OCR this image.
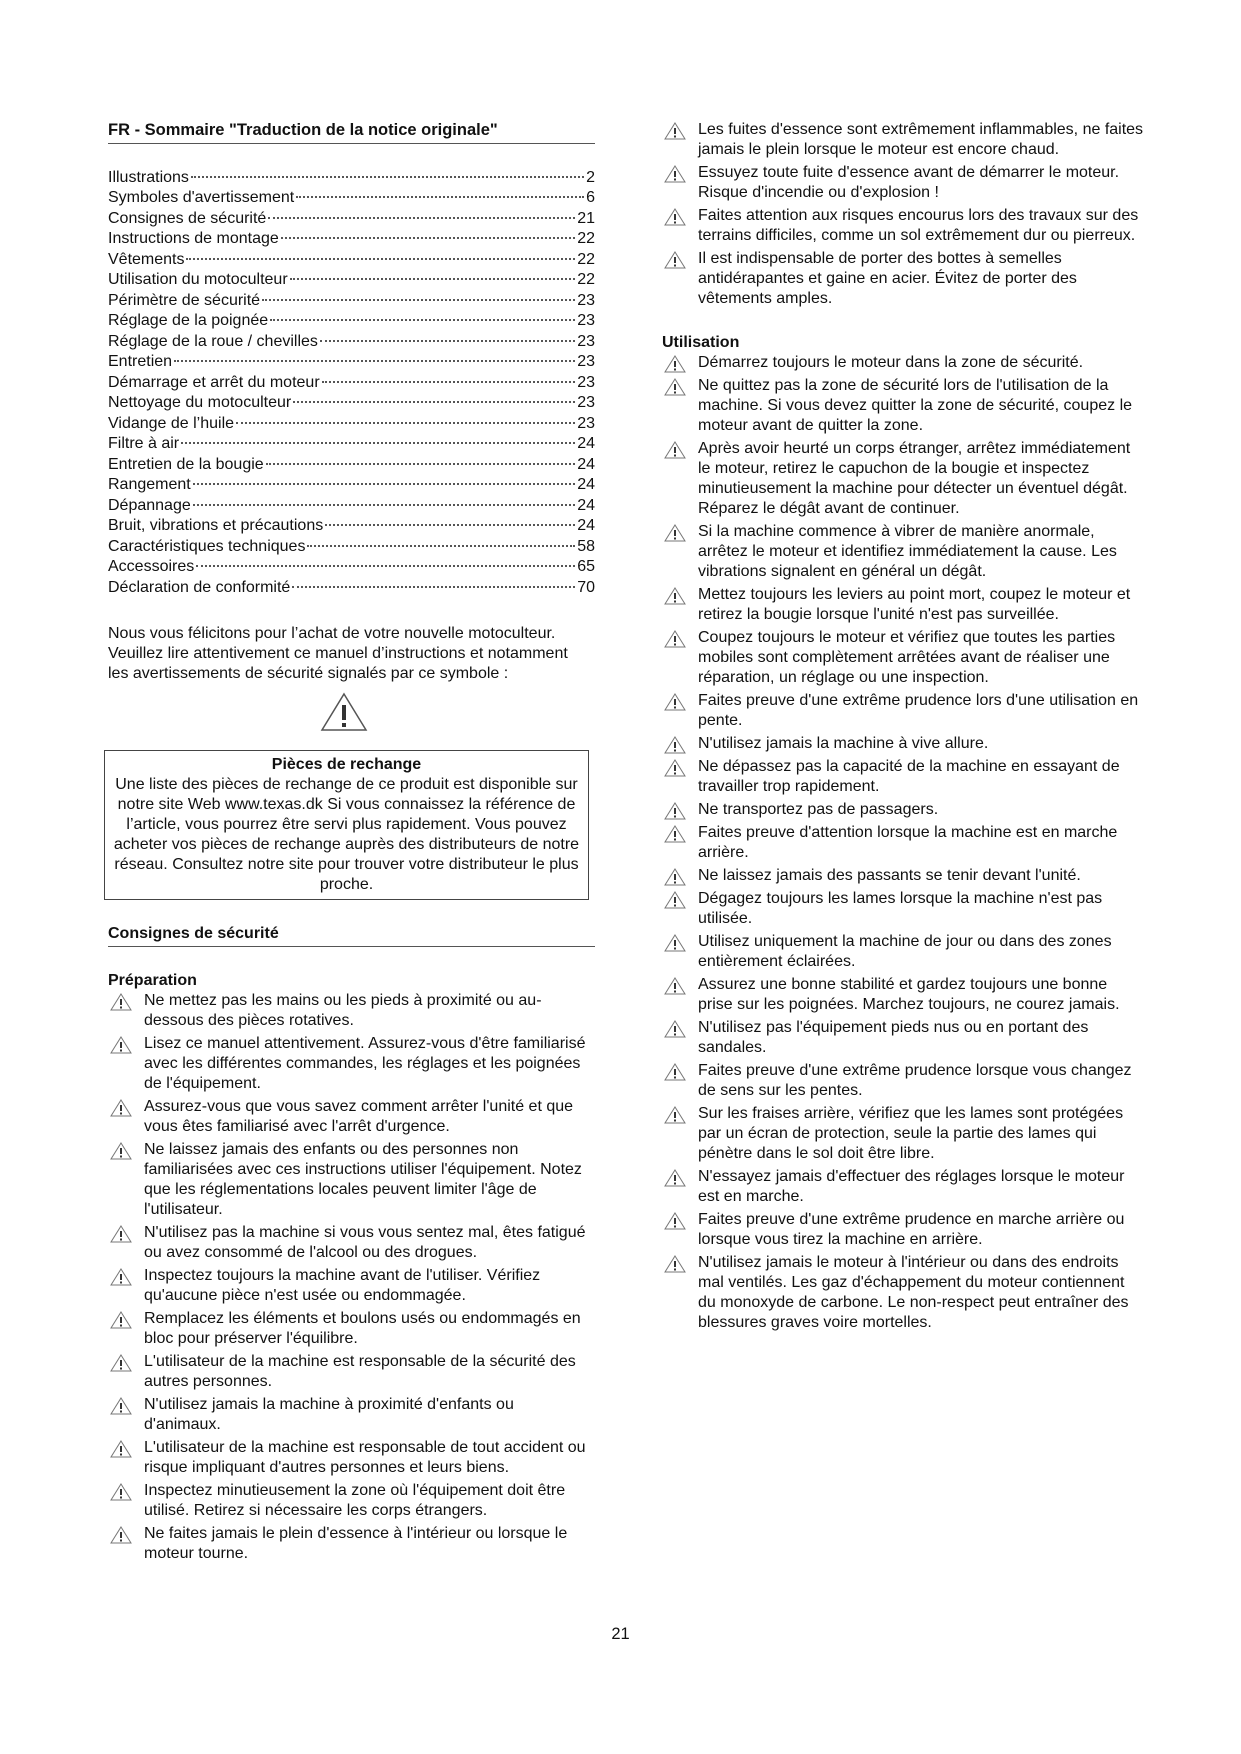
FR - Sommaire "Traduction de la notice originale"
Illustrations	2
Symboles d'avertissement	6
Consignes de sécurité	21
Instructions de montage	22
Vêtements	22
Utilisation du motoculteur	22
Périmètre de sécurité	23
Réglage de la poignée	23
Réglage de la roue / chevilles	23
Entretien	23
Démarrage et arrêt du moteur	23
Nettoyage du motoculteur	23
Vidange de l’huile	23
Filtre à air	24
Entretien de la bougie	24
Rangement	24
Dépannage	24
Bruit, vibrations et précautions	24
Caractéristiques techniques	58
Accessoires	65
Déclaration de conformité	70

Nous vous félicitons pour l’achat de votre nouvelle motoculteur. Veuillez lire attentivement ce manuel d’instructions et notamment les avertissements de sécurité signalés par ce symbole :

Pièces de rechange
Une liste des pièces de rechange de ce produit est disponible sur notre site Web www.texas.dk Si vous connaissez la référence de l’article, vous pourrez être servi plus rapidement. Vous pouvez acheter vos pièces de rechange auprès des distributeurs de notre réseau. Consultez notre site pour trouver votre distributeur le plus proche.
Consignes de sécurité
Préparation
Ne mettez pas les mains ou les pieds à proximité ou au-dessous des pièces rotatives.
Lisez ce manuel attentivement. Assurez-vous d'être familiarisé avec les différentes commandes, les réglages et les poignées de l'équipement.
Assurez-vous que vous savez comment arrêter l'unité et que vous êtes familiarisé avec l'arrêt d'urgence.
Ne laissez jamais des enfants ou des personnes non familiarisées avec ces instructions utiliser l'équipement. Notez que les réglementations locales peuvent limiter l'âge de l'utilisateur.
N'utilisez pas la machine si vous vous sentez mal, êtes fatigué ou avez consommé de l'alcool ou des drogues.
Inspectez toujours la machine avant de l'utiliser. Vérifiez qu'aucune pièce n'est usée ou endommagée.
Remplacez les éléments et boulons usés ou endommagés en bloc pour préserver l'équilibre.
L'utilisateur de la machine est responsable de la sécurité des autres personnes.
N'utilisez jamais la machine à proximité d'enfants ou d'animaux.
L'utilisateur de la machine est responsable de tout accident ou risque impliquant d'autres personnes et leurs biens.
Inspectez minutieusement la zone où l'équipement doit être utilisé. Retirez si nécessaire les corps étrangers.
Ne faites jamais le plein d'essence à l'intérieur ou lorsque le moteur tourne.
Les fuites d'essence sont extrêmement inflammables, ne faites jamais le plein lorsque le moteur est encore chaud.
Essuyez toute fuite d'essence avant de démarrer le moteur. Risque d'incendie ou d'explosion !
Faites attention aux risques encourus lors des travaux sur des terrains difficiles, comme un sol extrêmement dur ou pierreux.
Il est indispensable de porter des bottes à semelles antidérapantes et gaine en acier. Évitez de porter des vêtements amples.
Utilisation
Démarrez toujours le moteur dans la zone de sécurité.
Ne quittez pas la zone de sécurité lors de l'utilisation de la machine. Si vous devez quitter la zone de sécurité, coupez le moteur avant de quitter la zone.
Après avoir heurté un corps étranger, arrêtez immédiatement le moteur, retirez le capuchon de la bougie et inspectez minutieusement la machine pour détecter un éventuel dégât. Réparez le dégât avant de continuer.
Si la machine commence à vibrer de manière anormale, arrêtez le moteur et identifiez immédiatement la cause. Les vibrations signalent en général un dégât.
Mettez toujours les leviers au point mort, coupez le moteur et retirez la bougie lorsque l'unité n'est pas surveillée.
Coupez toujours le moteur et vérifiez que toutes les parties mobiles sont complètement arrêtées avant de réaliser une réparation, un réglage ou une inspection.
Faites preuve d'une extrême prudence lors d'une utilisation en pente.
N'utilisez jamais la machine à vive allure.
Ne dépassez pas la capacité de la machine en essayant de travailler trop rapidement.
Ne transportez pas de passagers.
Faites preuve d'attention lorsque la machine est en marche arrière.
Ne laissez jamais des passants se tenir devant l'unité.
Dégagez toujours les lames lorsque la machine n'est pas utilisée.
Utilisez uniquement la machine de jour ou dans des zones entièrement éclairées.
Assurez une bonne stabilité et gardez toujours une bonne prise sur les poignées. Marchez toujours, ne courez jamais.
N'utilisez pas l'équipement pieds nus ou en portant des sandales.
Faites preuve d'une extrême prudence lorsque vous changez de sens sur les pentes.
Sur les fraises arrière, vérifiez que les lames sont protégées par un écran de protection, seule la partie des lames qui pénètre dans le sol doit être libre.
N'essayez jamais d'effectuer des réglages lorsque le moteur est en marche.
Faites preuve d'une extrême prudence en marche arrière ou lorsque vous tirez la machine en arrière.
N'utilisez jamais le moteur à l'intérieur ou dans des endroits mal ventilés. Les gaz d'échappement du moteur contiennent du monoxyde de carbone. Le non-respect peut entraîner des blessures graves voire mortelles.
21
